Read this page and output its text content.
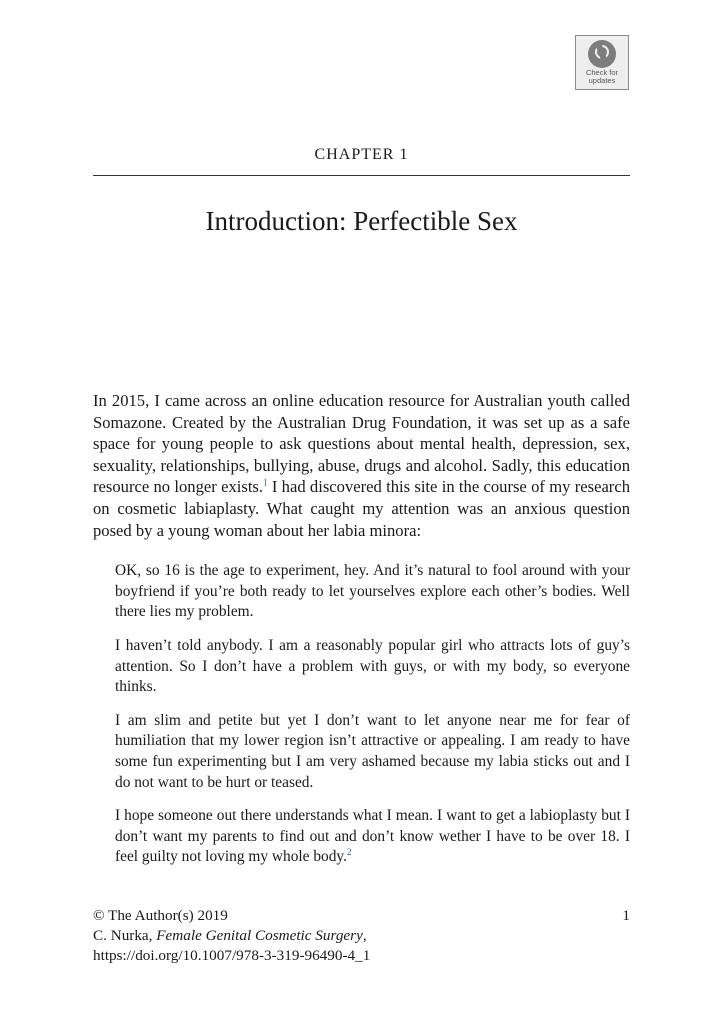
Check for
updates
CHAPTER 1
Introduction: Perfectible Sex

In 2015, I came across an online education resource for Australian youth called Somazone. Created by the Australian Drug Foundation, it was set up as a safe space for young people to ask questions about mental health, depression, sex, sexuality, relationships, bullying, abuse, drugs and alcohol. Sadly, this education resource no longer exists.$^1$ I had discovered this site in the course of my research on cosmetic labiaplasty. What caught my attention was an anxious question posed by a young woman about her labia minora:

OK, so 16 is the age to experiment, hey. And it’s natural to fool around with your boyfriend if you’re both ready to let yourselves explore each other’s bodies. Well there lies my problem.

I haven’t told anybody. I am a reasonably popular girl who attracts lots of guy’s attention. So I don’t have a problem with guys, or with my body, so everyone thinks.

I am slim and petite but yet I don’t want to let anyone near me for fear of humiliation that my lower region isn’t attractive or appealing. I am ready to have some fun experimenting but I am very ashamed because my labia sticks out and I do not want to be hurt or teased.

I hope someone out there understands what I mean. I want to get a labioplasty but I don’t want my parents to find out and don’t know wether I have to be over 18. I feel guilty not loving my whole body.$^2$

© The Author(s) 2019
C. Nurka, Female Genital Cosmetic Surgery,
https://doi.org/10.1007/978-3-319-96490-4_1
1
